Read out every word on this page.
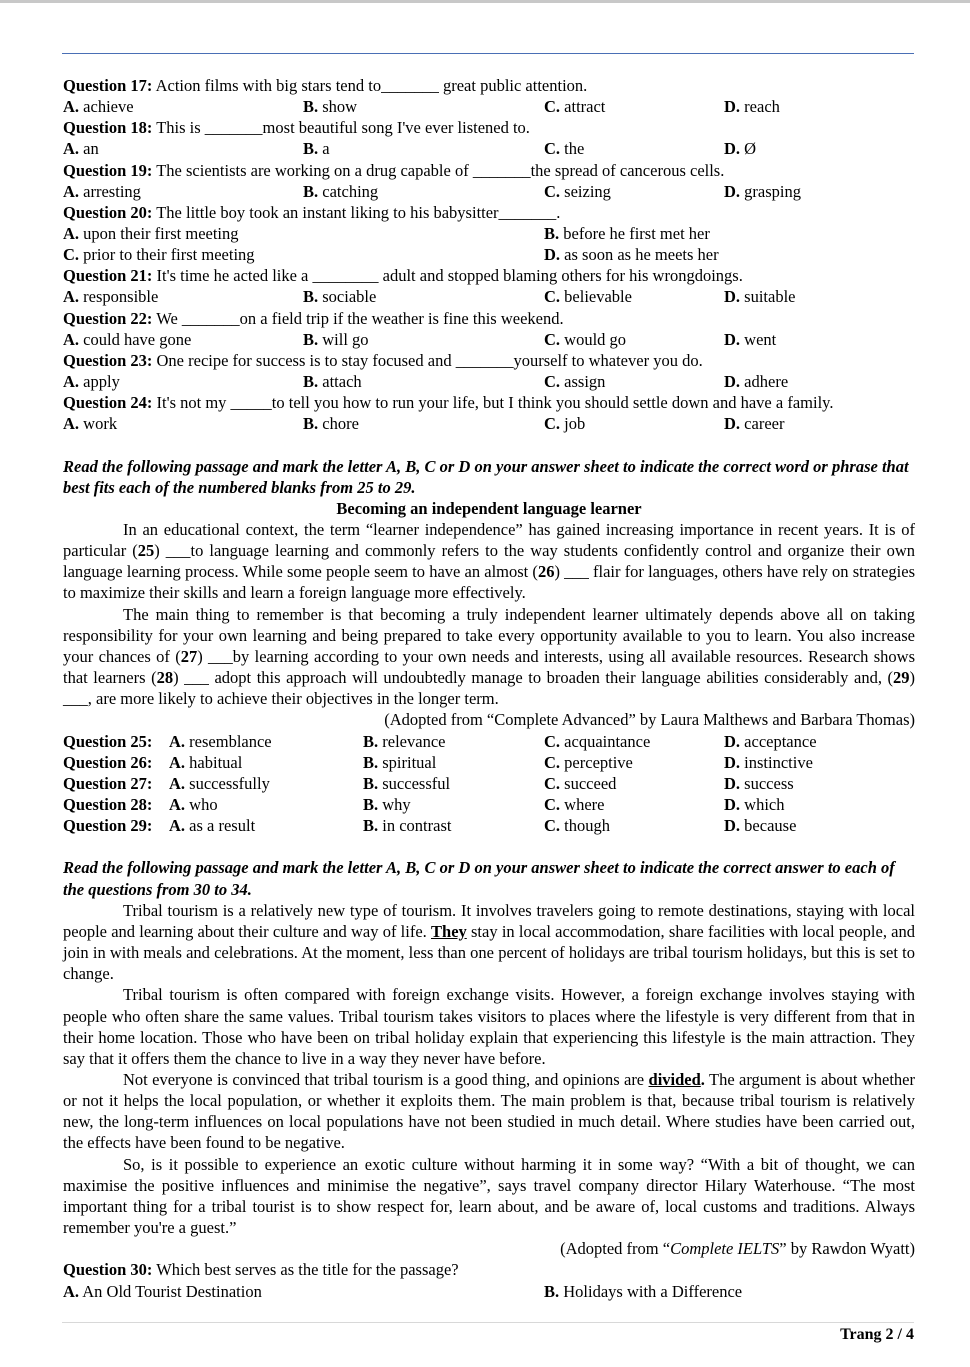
Question 17: Action films with big stars tend to_______ great public attention.
A. achieve	B. show	C. attract	D. reach
Question 18: This is _______most beautiful song I've ever listened to.
A. an	B. a	C. the	D. Ø
Question 19: The scientists are working on a drug capable of _______the spread of cancerous cells.
A. arresting	B. catching	C. seizing	D. grasping
Question 20: The little boy took an instant liking to his babysitter_______.
A. upon their first meeting	B. before he first met her
C. prior to their first meeting	D. as soon as he meets her
Question 21: It's time he acted like a ________ adult and stopped blaming others for his wrongdoings.
A. responsible	B. sociable	C. believable	D. suitable
Question 22: We _______on a field trip if the weather is fine this weekend.
A. could have gone	B. will go	C. would go	D. went
Question 23: One recipe for success is to stay focused and _______yourself to whatever you do.
A. apply	B. attach	C. assign	D. adhere
Question 24: It's not my _____to tell you how to run your life, but I think you should settle down and have a family.
A. work	B. chore	C. job	D. career
Read the following passage and mark the letter A, B, C or D on your answer sheet to indicate the correct word or phrase that best fits each of the numbered blanks from 25 to 29.
Becoming an independent language learner
In an educational context, the term “learner independence” has gained increasing importance in recent years. It is of particular (25) ___to language learning and commonly refers to the way students confidently control and organize their own language learning process. While some people seem to have an almost (26) ___ flair for languages, others have rely on strategies to maximize their skills and learn a foreign language more effectively.
The main thing to remember is that becoming a truly independent learner ultimately depends above all on taking responsibility for your own learning and being prepared to take every opportunity available to you to learn. You also increase your chances of (27) ___by learning according to your own needs and interests, using all available resources. Research shows that learners (28) ___ adopt this approach will undoubtedly manage to broaden their language abilities considerably and, (29) ___, are more likely to achieve their objectives in the longer term.
(Adopted from “Complete Advanced” by Laura Malthews and Barbara Thomas)
Question 25: A. resemblance	B. relevance	C. acquaintance	D. acceptance
Question 26: A. habitual	B. spiritual	C. perceptive	D. instinctive
Question 27: A. successfully	B. successful	C. succeed	D. success
Question 28: A. who	B. why	C. where	D. which
Question 29: A. as a result	B. in contrast	C. though	D. because
Read the following passage and mark the letter A, B, C or D on your answer sheet to indicate the correct answer to each of the questions from 30 to 34.
Tribal tourism is a relatively new type of tourism. It involves travelers going to remote destinations, staying with local people and learning about their culture and way of life. They stay in local accommodation, share facilities with local people, and join in with meals and celebrations. At the moment, less than one percent of holidays are tribal tourism holidays, but this is set to change.
Tribal tourism is often compared with foreign exchange visits. However, a foreign exchange involves staying with people who often share the same values. Tribal tourism takes visitors to places where the lifestyle is very different from that in their home location. Those who have been on tribal holiday explain that experiencing this lifestyle is the main attraction. They say that it offers them the chance to live in a way they never have before.
Not everyone is convinced that tribal tourism is a good thing, and opinions are divided. The argument is about whether or not it helps the local population, or whether it exploits them. The main problem is that, because tribal tourism is relatively new, the long-term influences on local populations have not been studied in much detail. Where studies have been carried out, the effects have been found to be negative.
So, is it possible to experience an exotic culture without harming it in some way? “With a bit of thought, we can maximise the positive influences and minimise the negative”, says travel company director Hilary Waterhouse. “The most important thing for a tribal tourist is to show respect for, learn about, and be aware of, local customs and traditions. Always remember you're a guest.”
(Adopted from “Complete IELTS” by Rawdon Wyatt)
Question 30: Which best serves as the title for the passage?
A. An Old Tourist Destination	B. Holidays with a Difference
Trang 2 / 4
